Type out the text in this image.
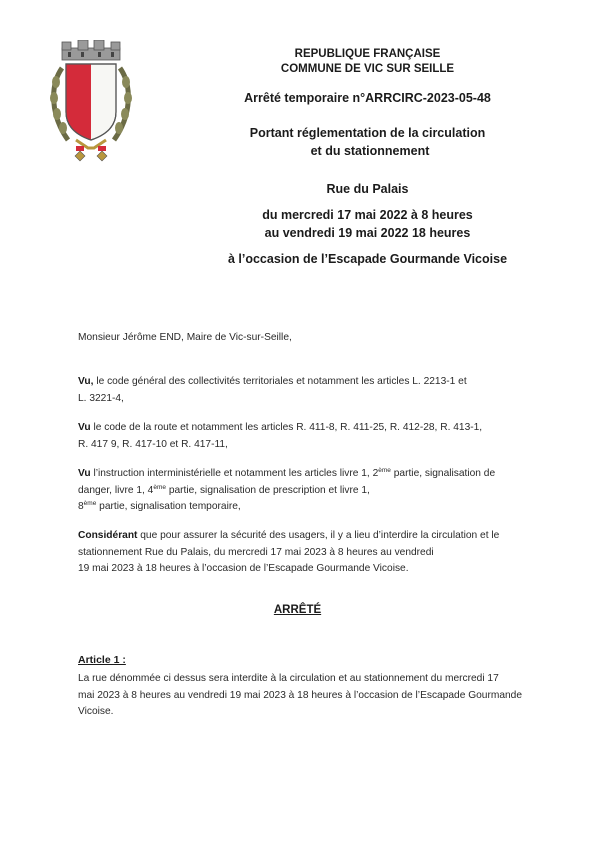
REPUBLIQUE FRANÇAISE
COMMUNE DE VIC SUR SEILLE
Arrêté temporaire n°ARRCIRC-2023-05-48
Portant réglementation de la circulation
et du stationnement
Rue du Palais
du mercredi 17 mai 2022 à 8 heures
au vendredi 19 mai 2022 18 heures
à l’occasion de l’Escapade Gourmande Vicoise
Monsieur Jérôme END, Maire de Vic-sur-Seille,
Vu, le code général des collectivités territoriales et notamment les articles L. 2213-1 et
L. 3221-4,
Vu le code de la route et notamment les articles R. 411-8, R. 411-25, R. 412-28, R. 413-1,
R. 417 9, R. 417-10 et R. 417-11,
Vu l’instruction interministérielle et notamment les articles livre 1, 2ème partie, signalisation de
danger, livre 1, 4ème partie, signalisation de prescription et livre 1,
8ème partie, signalisation temporaire,
Considérant que pour assurer la sécurité des usagers, il y a lieu d’interdire la circulation et le
stationnement Rue du Palais, du mercredi 17 mai 2023 à 8 heures au vendredi
19 mai 2023 à 18 heures à l’occasion de l’Escapade Gourmande Vicoise.
ARRÊTÉ
Article 1 :
La rue dénommée ci dessus sera interdite à la circulation et au stationnement du mercredi 17
mai 2023 à 8 heures au vendredi 19 mai 2023 à 18 heures à l’occasion de l’Escapade Gourmande
Vicoise.
